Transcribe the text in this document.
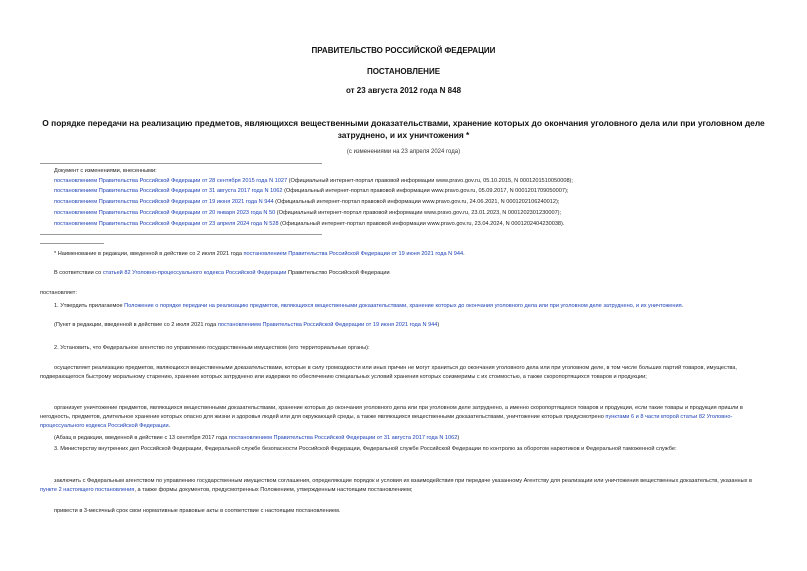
ПРАВИТЕЛЬСТВО РОССИЙСКОЙ ФЕДЕРАЦИИ
ПОСТАНОВЛЕНИЕ
от 23 августа 2012 года N 848
О порядке передачи на реализацию предметов, являющихся вещественными доказательствами, хранение которых до окончания уголовного дела или при уголовном деле затруднено, и их уничтожения *
(с изменениями на 23 апреля 2024 года)
Документ с изменениями, внесенными:
постановлением Правительства Российской Федерации от 28 сентября 2015 года N 1027 (Официальный интернет-портал правовой информации www.pravo.gov.ru, 05.10.2015, N 0001201510050008);
постановлением Правительства Российской Федерации от 31 августа 2017 года N 1062 (Официальный интернет-портал правовой информации www.pravo.gov.ru, 05.09.2017, N 0001201709050007);
постановлением Правительства Российской Федерации от 19 июня 2021 года N 944 (Официальный интернет-портал правовой информации www.pravo.gov.ru, 24.06.2021, N 0001202106240012);
постановлением Правительства Российской Федерации от 20 января 2023 года N 50 (Официальный интернет-портал правовой информации www.pravo.gov.ru, 23.01.2023, N 0001202301230007);
постановлением Правительства Российской Федерации от 23 апреля 2024 года N 528 (Официальный интернет-портал правовой информации www.pravo.gov.ru, 23.04.2024, N 0001202404230038).
* Наименование в редакции, введенной в действие со 2 июля 2021 года постановлением Правительства Российской Федерации от 19 июня 2021 года N 944.
В соответствии со статьей 82 Уголовно-процессуального кодекса Российской Федерации Правительство Российской Федерации
постановляет:
1. Утвердить прилагаемое Положение о порядке передачи на реализацию предметов, являющихся вещественными доказательствами, хранение которых до окончания уголовного дела или при уголовном деле затруднено, и их уничтожения.
(Пункт в редакции, введенной в действие со 2 июля 2021 года постановлением Правительства Российской Федерации от 19 июня 2021 года N 944)
2. Установить, что Федеральное агентство по управлению государственным имуществом (его территориальные органы):
осуществляет реализацию предметов, являющихся вещественными доказательствами, которые в силу громоздкости или иных причин не могут храниться до окончания уголовного дела или при уголовном деле, в том числе больших партий товаров, имущества, подверающегося быстрому моральному старению, хранение которых затруднено или издержки по обеспечению специальных условий хранения которых соизмеримы с их стоимостью, а также скоропортящихся товаров и продукции;
организует уничтожение предметов, являющихся вещественными доказательствами, хранение которых до окончания уголовного дела или при уголовном деле затруднено, а именно скоропортящихся товаров и продукции, если такие товары и продукция пришли в негодность, предметов, длительное хранение которых опасно для жизни и здоровья людей или для окружающей среды, а также являющихся вещественными доказательствами, уничтожение которых предусмотрено пунктами 6 и 8 части второй статьи 82 Уголовно-процессуального кодекса Российской Федерации.
(Абзац в редакции, введенной в действие с 13 сентября 2017 года постановлением Правительства Российской Федерации от 31 августа 2017 года N 1062)
3. Министерству внутренних дел Российской Федерации, Федеральной службе безопасности Российской Федерации, Федеральной службе Российской Федерации по контролю за оборотом наркотиков и Федеральной таможенной службе:
заключить с Федеральным агентством по управлению государственным имуществом соглашения, определяющие порядок и условия их взаимодействия при передаче указанному Агентству для реализации или уничтожения вещественных доказательств, указанных в пункте 2 настоящего постановления, а также формы документов, предусмотренных Положением, утвержденным настоящим постановлением;
привести в 3-месячный срок свои нормативные правовые акты в соответствие с настоящим постановлением.
